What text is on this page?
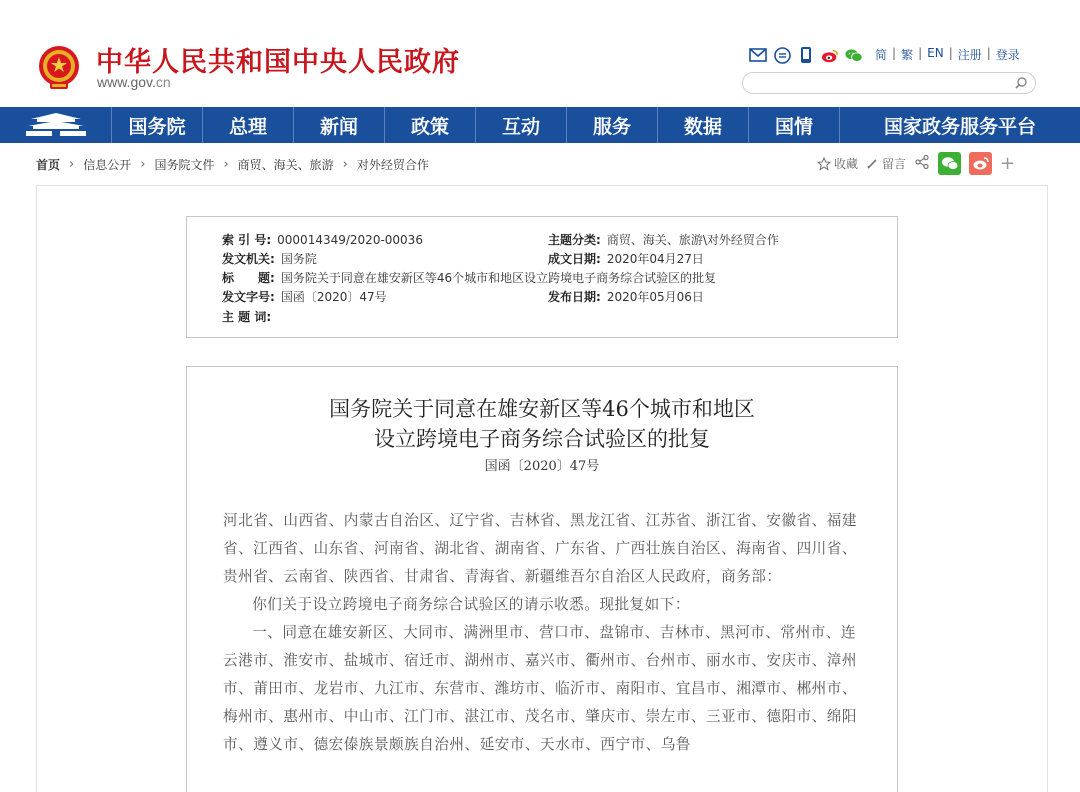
中华人民共和国中央人民政府
www.gov.cn
简 | 繁 | EN | 注册 | 登录
国务院	总理	新闻	政策	互动	服务	数据	国情	国家政务服务平台
首页 › 信息公开 › 国务院文件 › 商贸、海关、旅游 › 对外经贸合作	收藏 留言	+
索 引 号: 000014349/2020-00036	主题分类: 商贸、海关、旅游\对外经贸合作
发文机关: 国务院	成文日期: 2020年04月27日
标　　题: 国务院关于同意在雄安新区等46个城市和地区设立跨境电子商务综合试验区的批复
发文字号: 国函〔2020〕47号	发布日期: 2020年05月06日
主 题 词:
国务院关于同意在雄安新区等46个城市和地区
设立跨境电子商务综合试验区的批复
国函〔2020〕47号

河北省、山西省、内蒙古自治区、辽宁省、吉林省、黑龙江省、江苏省、浙江省、安徽省、福建省、江西省、山东省、河南省、湖北省、湖南省、广东省、广西壮族自治区、海南省、四川省、贵州省、云南省、陕西省、甘肃省、青海省、新疆维吾尔自治区人民政府，商务部：

你们关于设立跨境电子商务综合试验区的请示收悉。现批复如下：

一、同意在雄安新区、大同市、满洲里市、营口市、盘锦市、吉林市、黑河市、常州市、连云港市、淮安市、盐城市、宿迁市、湖州市、嘉兴市、衢州市、台州市、丽水市、安庆市、漳州市、莆田市、龙岩市、九江市、东营市、潍坊市、临沂市、南阳市、宜昌市、湘潭市、郴州市、梅州市、惠州市、中山市、江门市、湛江市、茂名市、肇庆市、崇左市、三亚市、德阳市、绵阳市、遵义市、德宏傣族景颇族自治州、延安市、天水市、西宁市、乌鲁
